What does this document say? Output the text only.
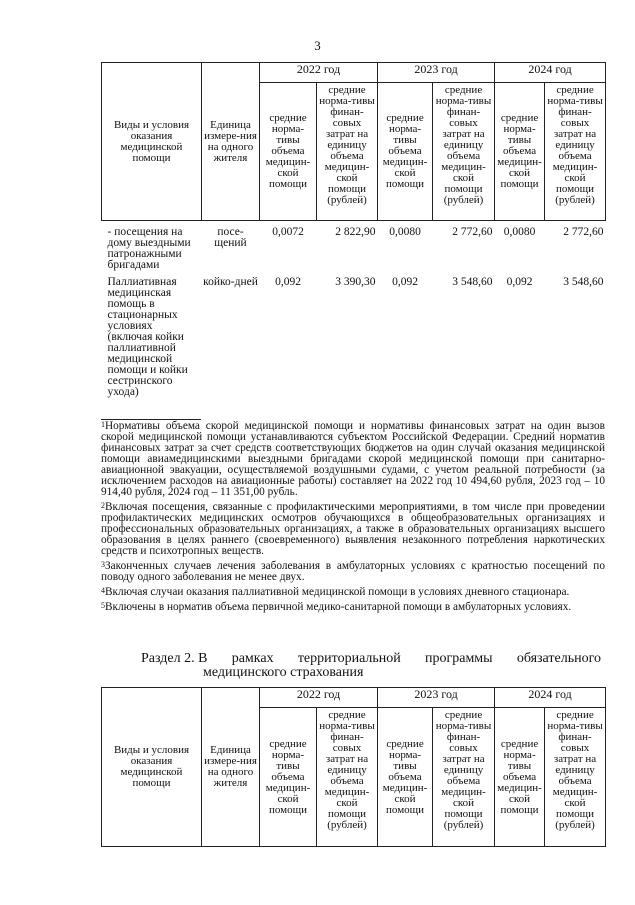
3
Виды и условия оказания медицинской помощи	Единица измере-ния на одного жителя	2022 год		2023 год		2024 год	
		средние норма-тивы объема медицин-ской помощи	средние норма-тивы финан-совых затрат на единицу объема медицин-ской помощи (рублей)	средние норма-тивы объема медицин-ской помощи	средние норма-тивы финан-совых затрат на единицу объема медицин-ской помощи (рублей)	средние норма-тивы объема медицин-ской помощи	средние норма-тивы финан-совых затрат на единицу объема медицин-ской помощи (рублей)
- посещения на дому выездными патронажными бригадами	посе-щений	0,0072	2 822,90	0,0080	2 772,60	0,0080	2 772,60
Паллиативная медицинская помощь в стационарных условиях (включая койки паллиативной медицинской помощи и койки сестринского ухода)	койко-дней	0,092	3 390,30	0,092	3 548,60	0,092	3 548,60

$^1$Нормативы объема скорой медицинской помощи и нормативы финансовых затрат на один вызов скорой медицинской помощи устанавливаются субъектом Российской Федерации. Средний норматив финансовых затрат за счет средств соответствующих бюджетов на один случай оказания медицинской помощи авиамедицинскими выездными бригадами скорой медицинской помощи при санитарно-авиационной эвакуации, осуществляемой воздушными судами, с учетом реальной потребности (за исключением расходов на авиационные работы) составляет на 2022 год 10 494,60 рубля, 2023 год – 10 914,40 рубля, 2024 год – 11 351,00 рубль.

$^2$Включая посещения, связанные с профилактическими мероприятиями, в том числе при проведении профилактических медицинских осмотров обучающихся в общеобразовательных организациях и профессиональных образовательных организациях, а также в образовательных организациях высшего образования в целях раннего (своевременного) выявления незаконного потребления наркотических средств и психотропных веществ.

$^3$Законченных случаев лечения заболевания в амбулаторных условиях с кратностью посещений по поводу одного заболевания не менее двух.

$^4$Включая случаи оказания паллиативной медицинской помощи в условиях дневного стационара.

$^5$Включены в норматив объема первичной медико-санитарной помощи в амбулаторных условиях.

Раздел 2. В рамках территориальной программы обязательного
медицинского страхования
Виды и условия оказания медицинской помощи	Единица измере-ния на одного жителя	2022 год		2023 год		2024 год	
		средние норма-тивы объема медицин-ской помощи	средние норма-тивы финан-совых затрат на единицу объема медицин-ской помощи (рублей)	средние норма-тивы объема медицин-ской помощи	средние норма-тивы финан-совых затрат на единицу объема медицин-ской помощи (рублей)	средние норма-тивы объема медицин-ской помощи	средние норма-тивы финан-совых затрат на единицу объема медицин-ской помощи (рублей)
